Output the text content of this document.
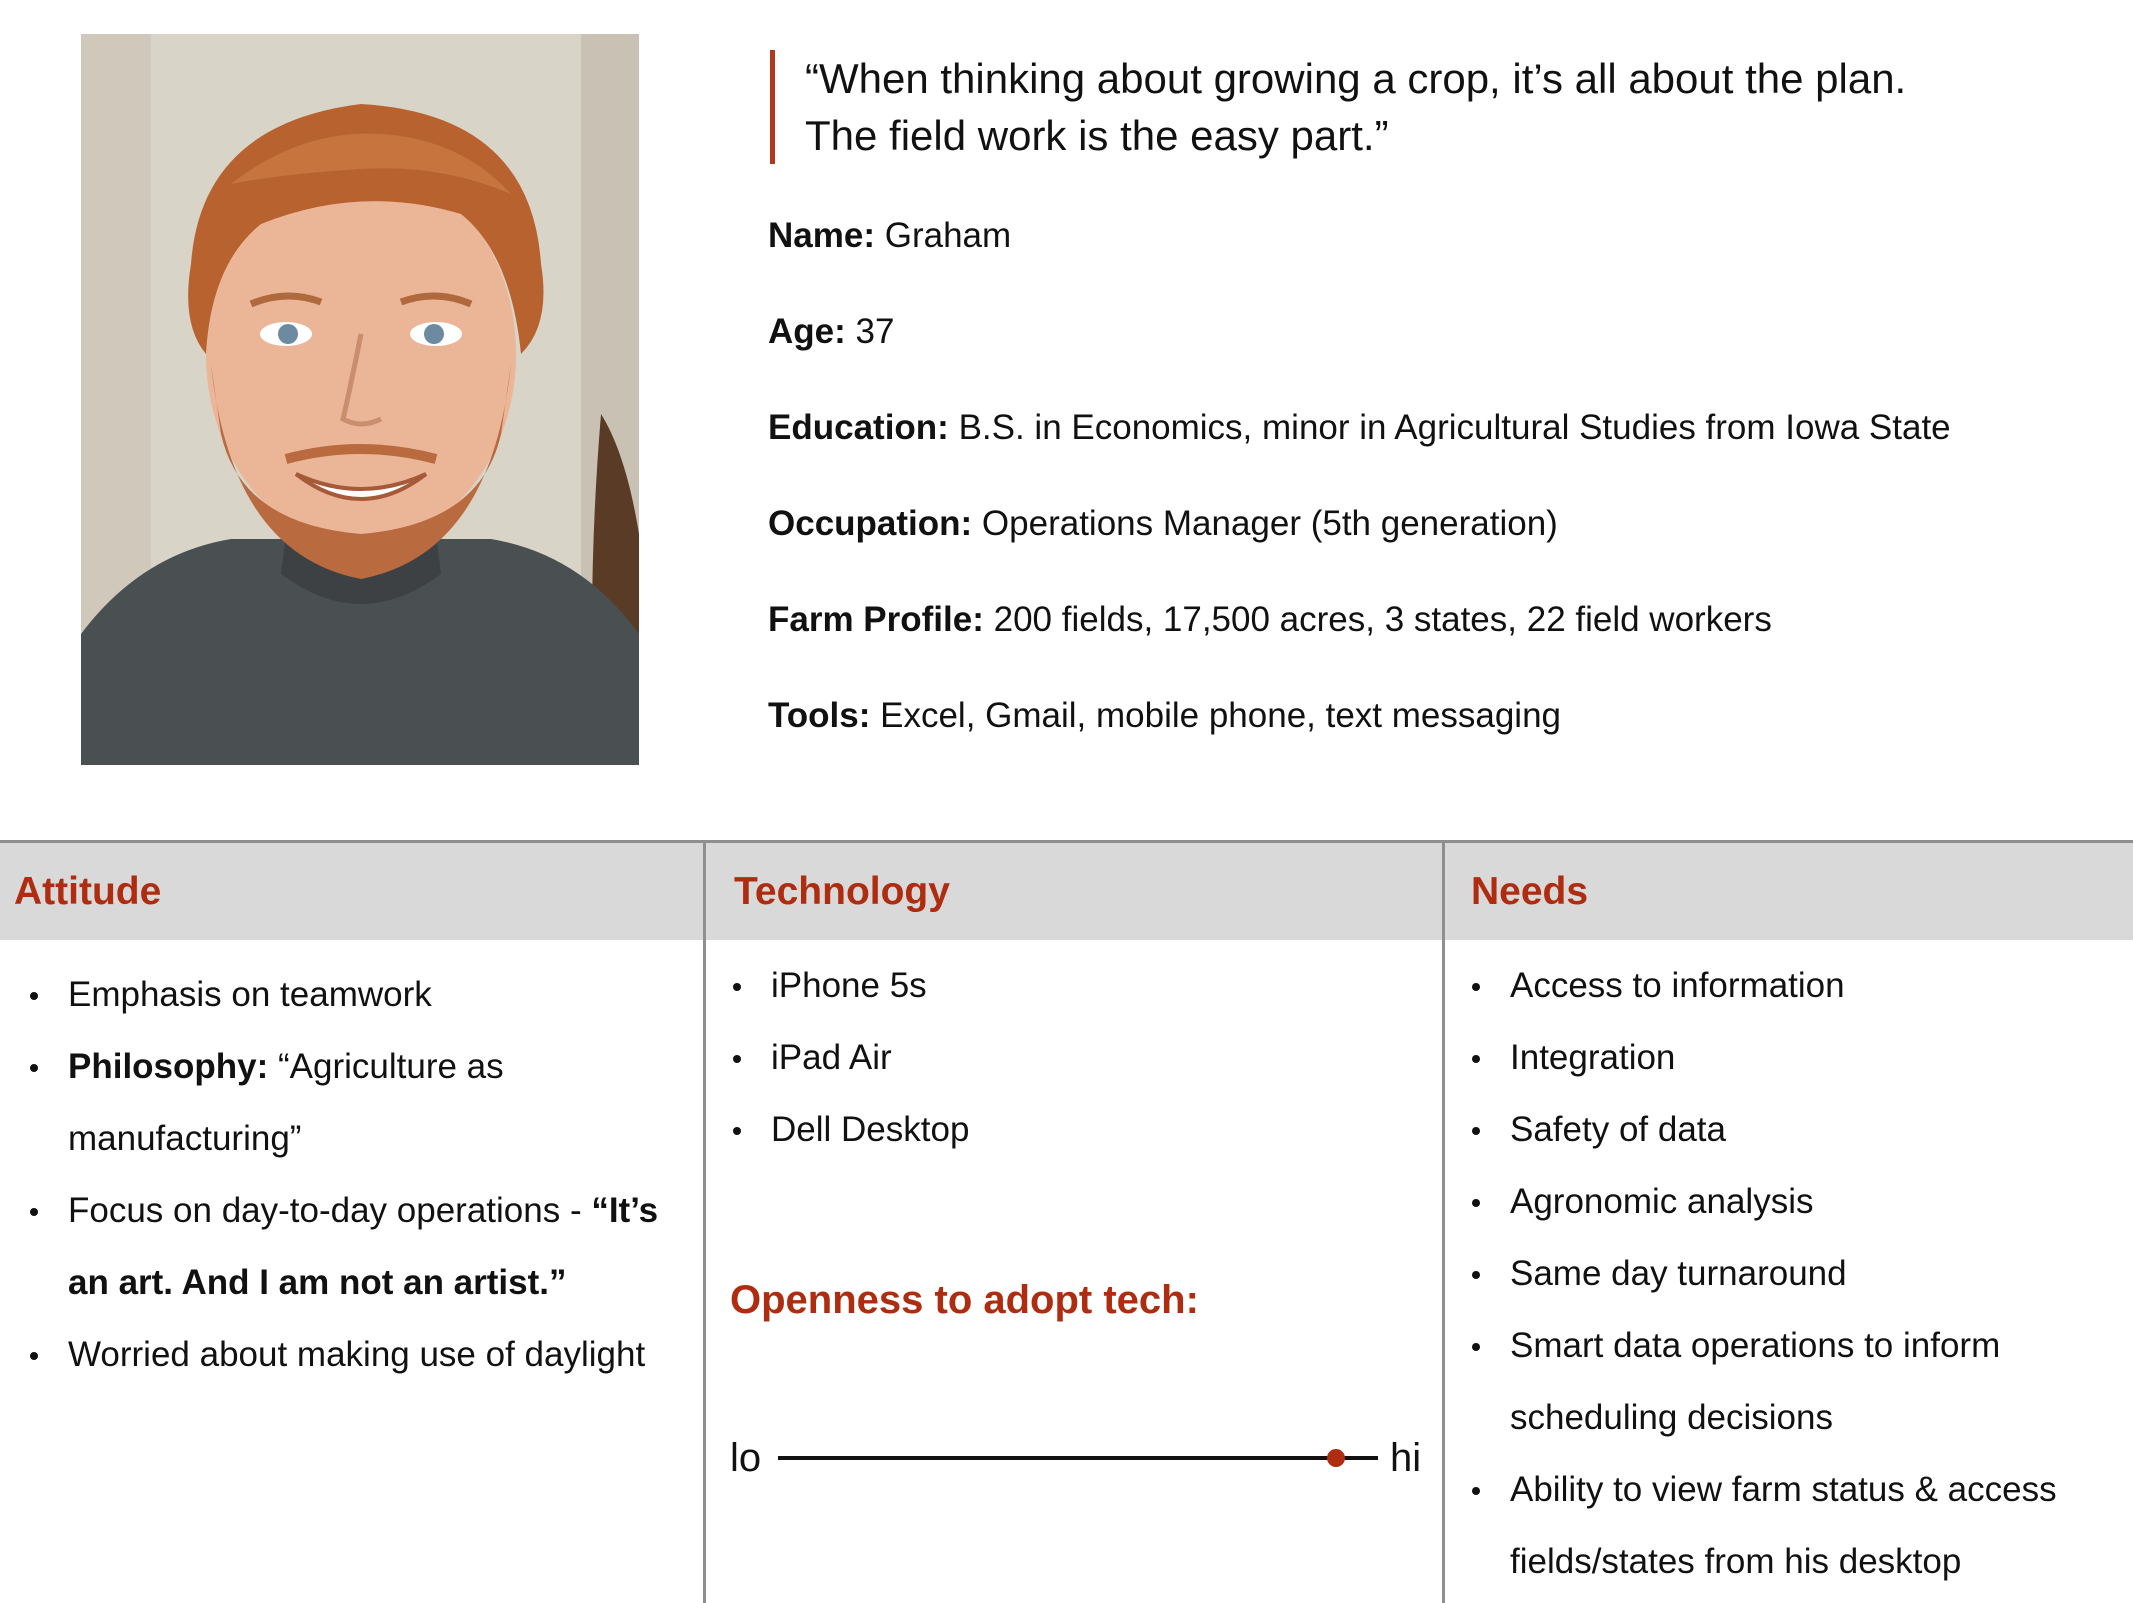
“When thinking about growing a crop, it’s all about the plan.

The field work is the easy part.”

Name: Graham
Age: 37
Education: B.S. in Economics, minor in Agricultural Studies from Iowa State
Occupation: Operations Manager (5th generation)
Farm Profile: 200 fields, 17,500 acres, 3 states, 22 field workers
Tools: Excel, Gmail, mobile phone, text messaging
Attitude
Emphasis on teamwork
Philosophy: “Agriculture as manufacturing”
Focus on day-to-day operations - “It’s an art. And I am not an artist.”
Worried about making use of daylight
Technology
iPhone 5s
iPad Air
Dell Desktop
Openness to adopt tech:
lo	hi
Needs
Access to information
Integration
Safety of data
Agronomic analysis
Same day turnaround
Smart data operations to inform scheduling decisions
Ability to view farm status & access fields/states from his desktop
